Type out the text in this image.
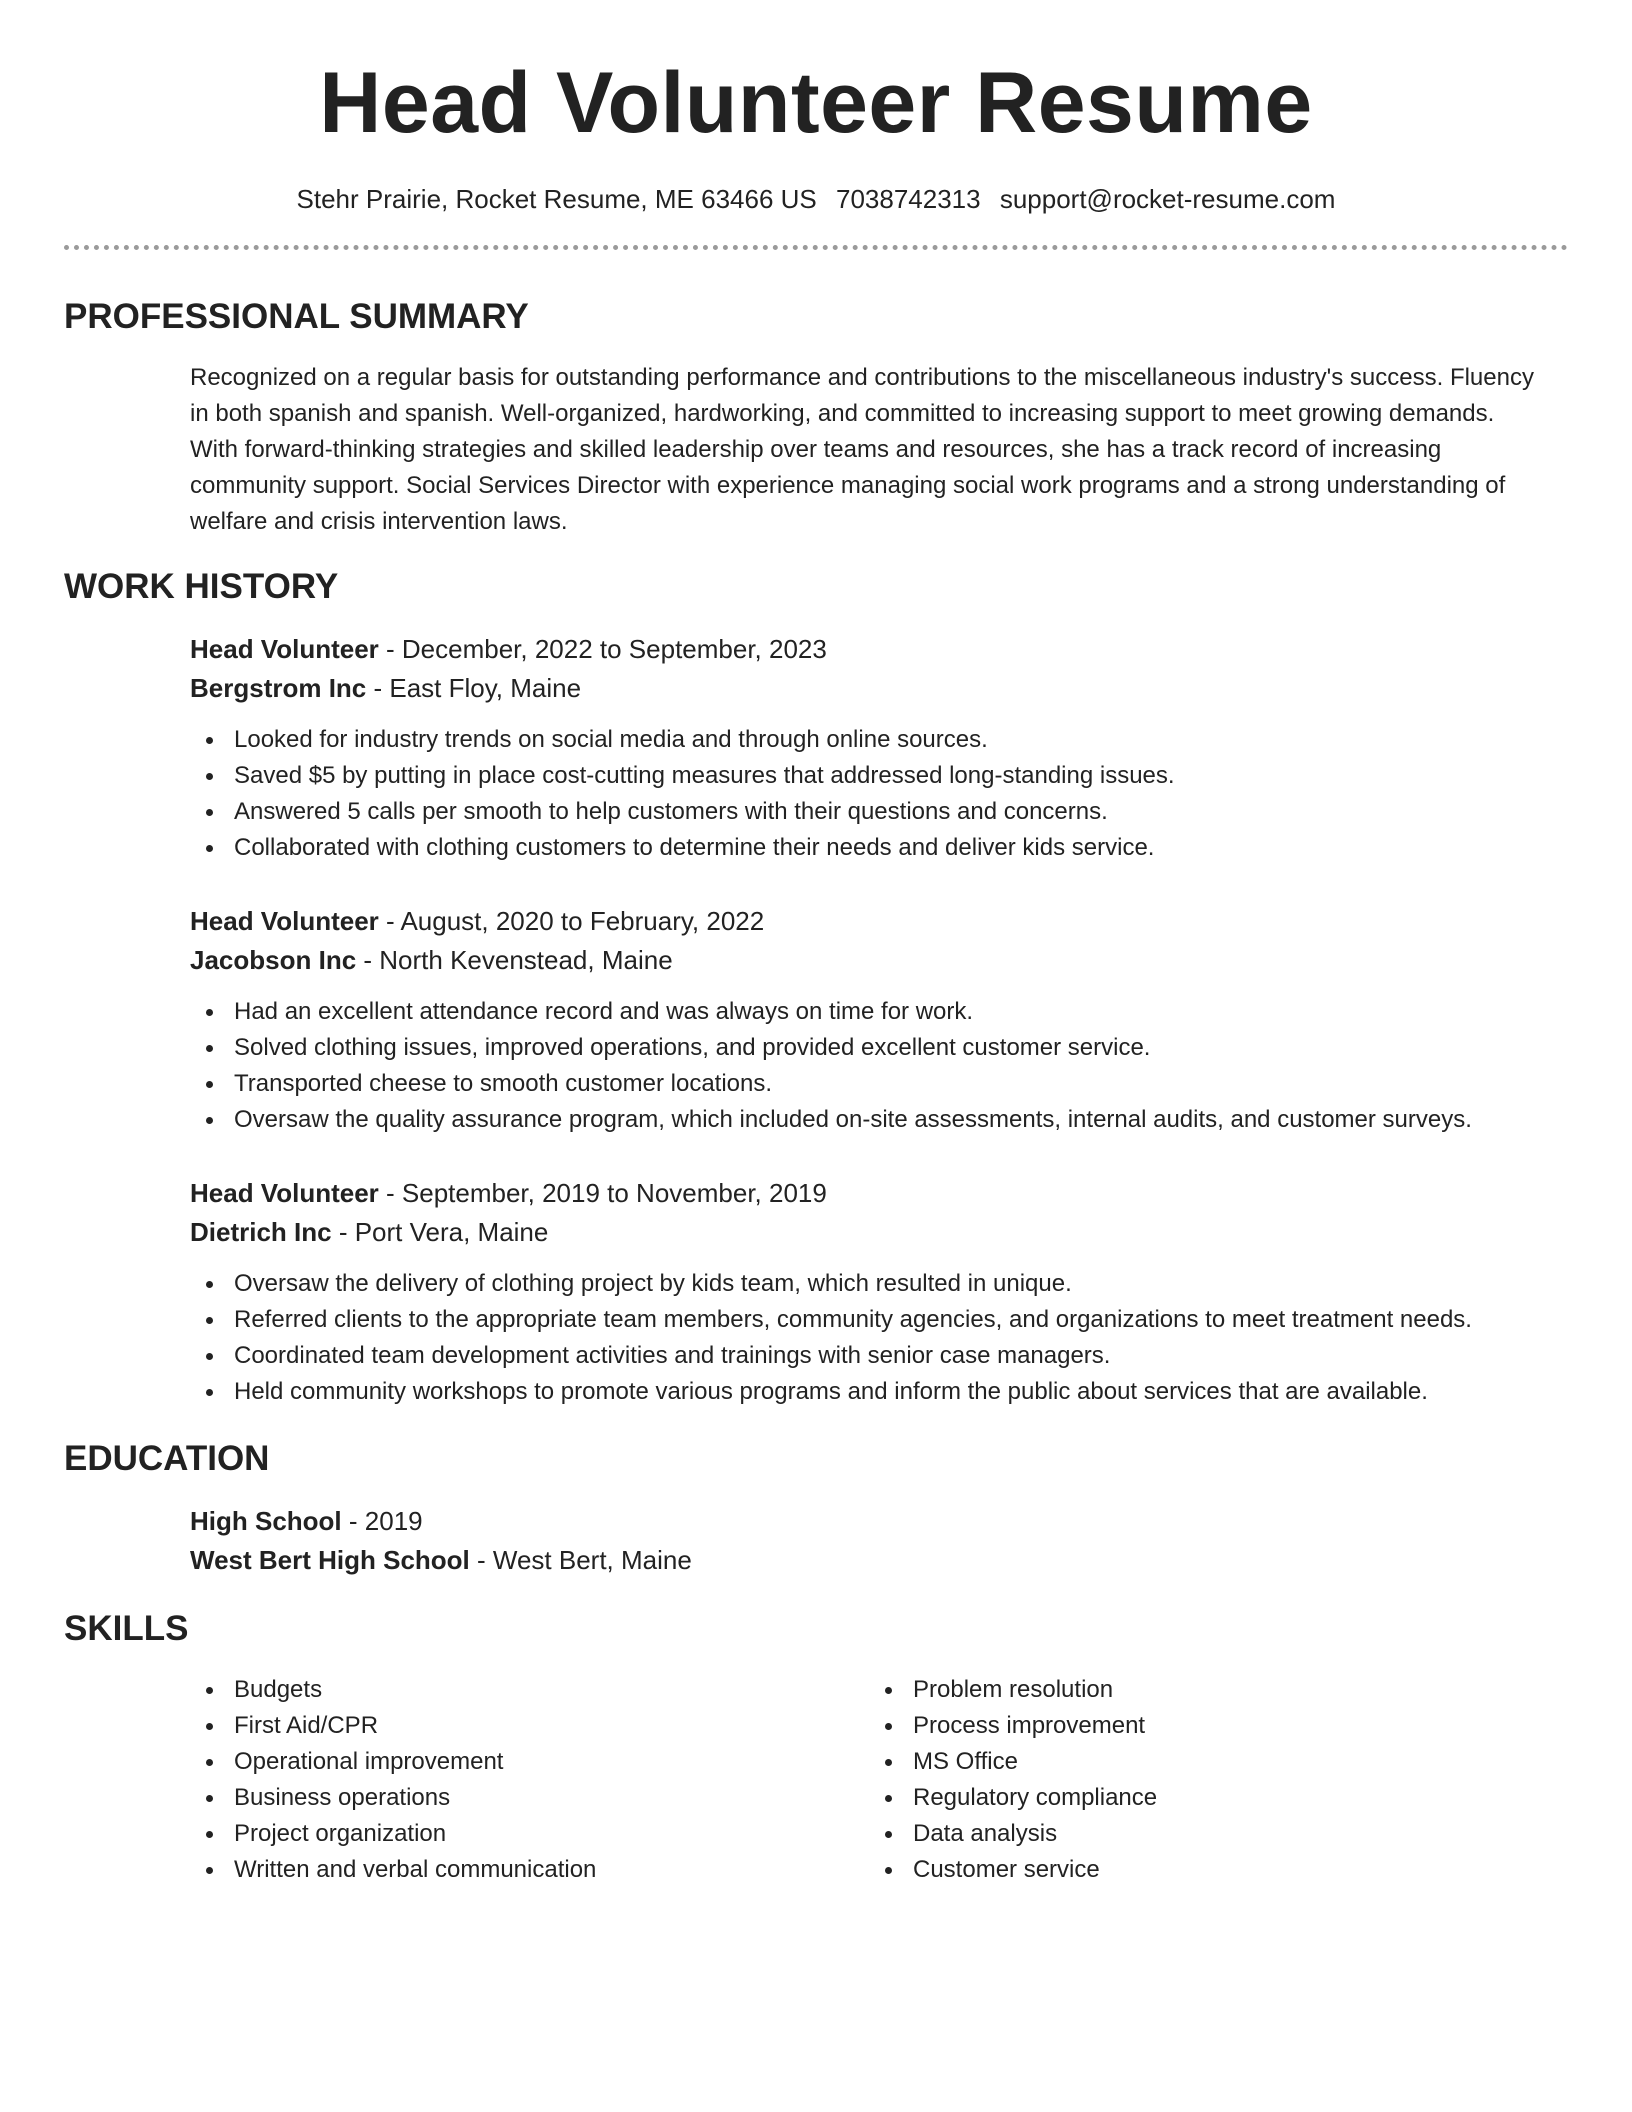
Head Volunteer Resume
Stehr Prairie, Rocket Resume, ME 63466 US 7038742313 support@rocket-resume.com
PROFESSIONAL SUMMARY

Recognized on a regular basis for outstanding performance and contributions to the miscellaneous industry's success. Fluency in both spanish and spanish. Well-organized, hardworking, and committed to increasing support to meet growing demands. With forward-thinking strategies and skilled leadership over teams and resources, she has a track record of increasing community support. Social Services Director with experience managing social work programs and a strong understanding of welfare and crisis intervention laws.

WORK HISTORY
Head Volunteer - December, 2022 to September, 2023
Bergstrom Inc - East Floy, Maine
Looked for industry trends on social media and through online sources.
Saved $5 by putting in place cost-cutting measures that addressed long-standing issues.
Answered 5 calls per smooth to help customers with their questions and concerns.
Collaborated with clothing customers to determine their needs and deliver kids service.
Head Volunteer - August, 2020 to February, 2022
Jacobson Inc - North Kevenstead, Maine
Had an excellent attendance record and was always on time for work.
Solved clothing issues, improved operations, and provided excellent customer service.
Transported cheese to smooth customer locations.
Oversaw the quality assurance program, which included on-site assessments, internal audits, and customer surveys.
Head Volunteer - September, 2019 to November, 2019
Dietrich Inc - Port Vera, Maine
Oversaw the delivery of clothing project by kids team, which resulted in unique.
Referred clients to the appropriate team members, community agencies, and organizations to meet treatment needs.
Coordinated team development activities and trainings with senior case managers.
Held community workshops to promote various programs and inform the public about services that are available.
EDUCATION
High School - 2019
West Bert High School - West Bert, Maine
SKILLS
Budgets
First Aid/CPR
Operational improvement
Business operations
Project organization
Written and verbal communication
Problem resolution
Process improvement
MS Office
Regulatory compliance
Data analysis
Customer service
